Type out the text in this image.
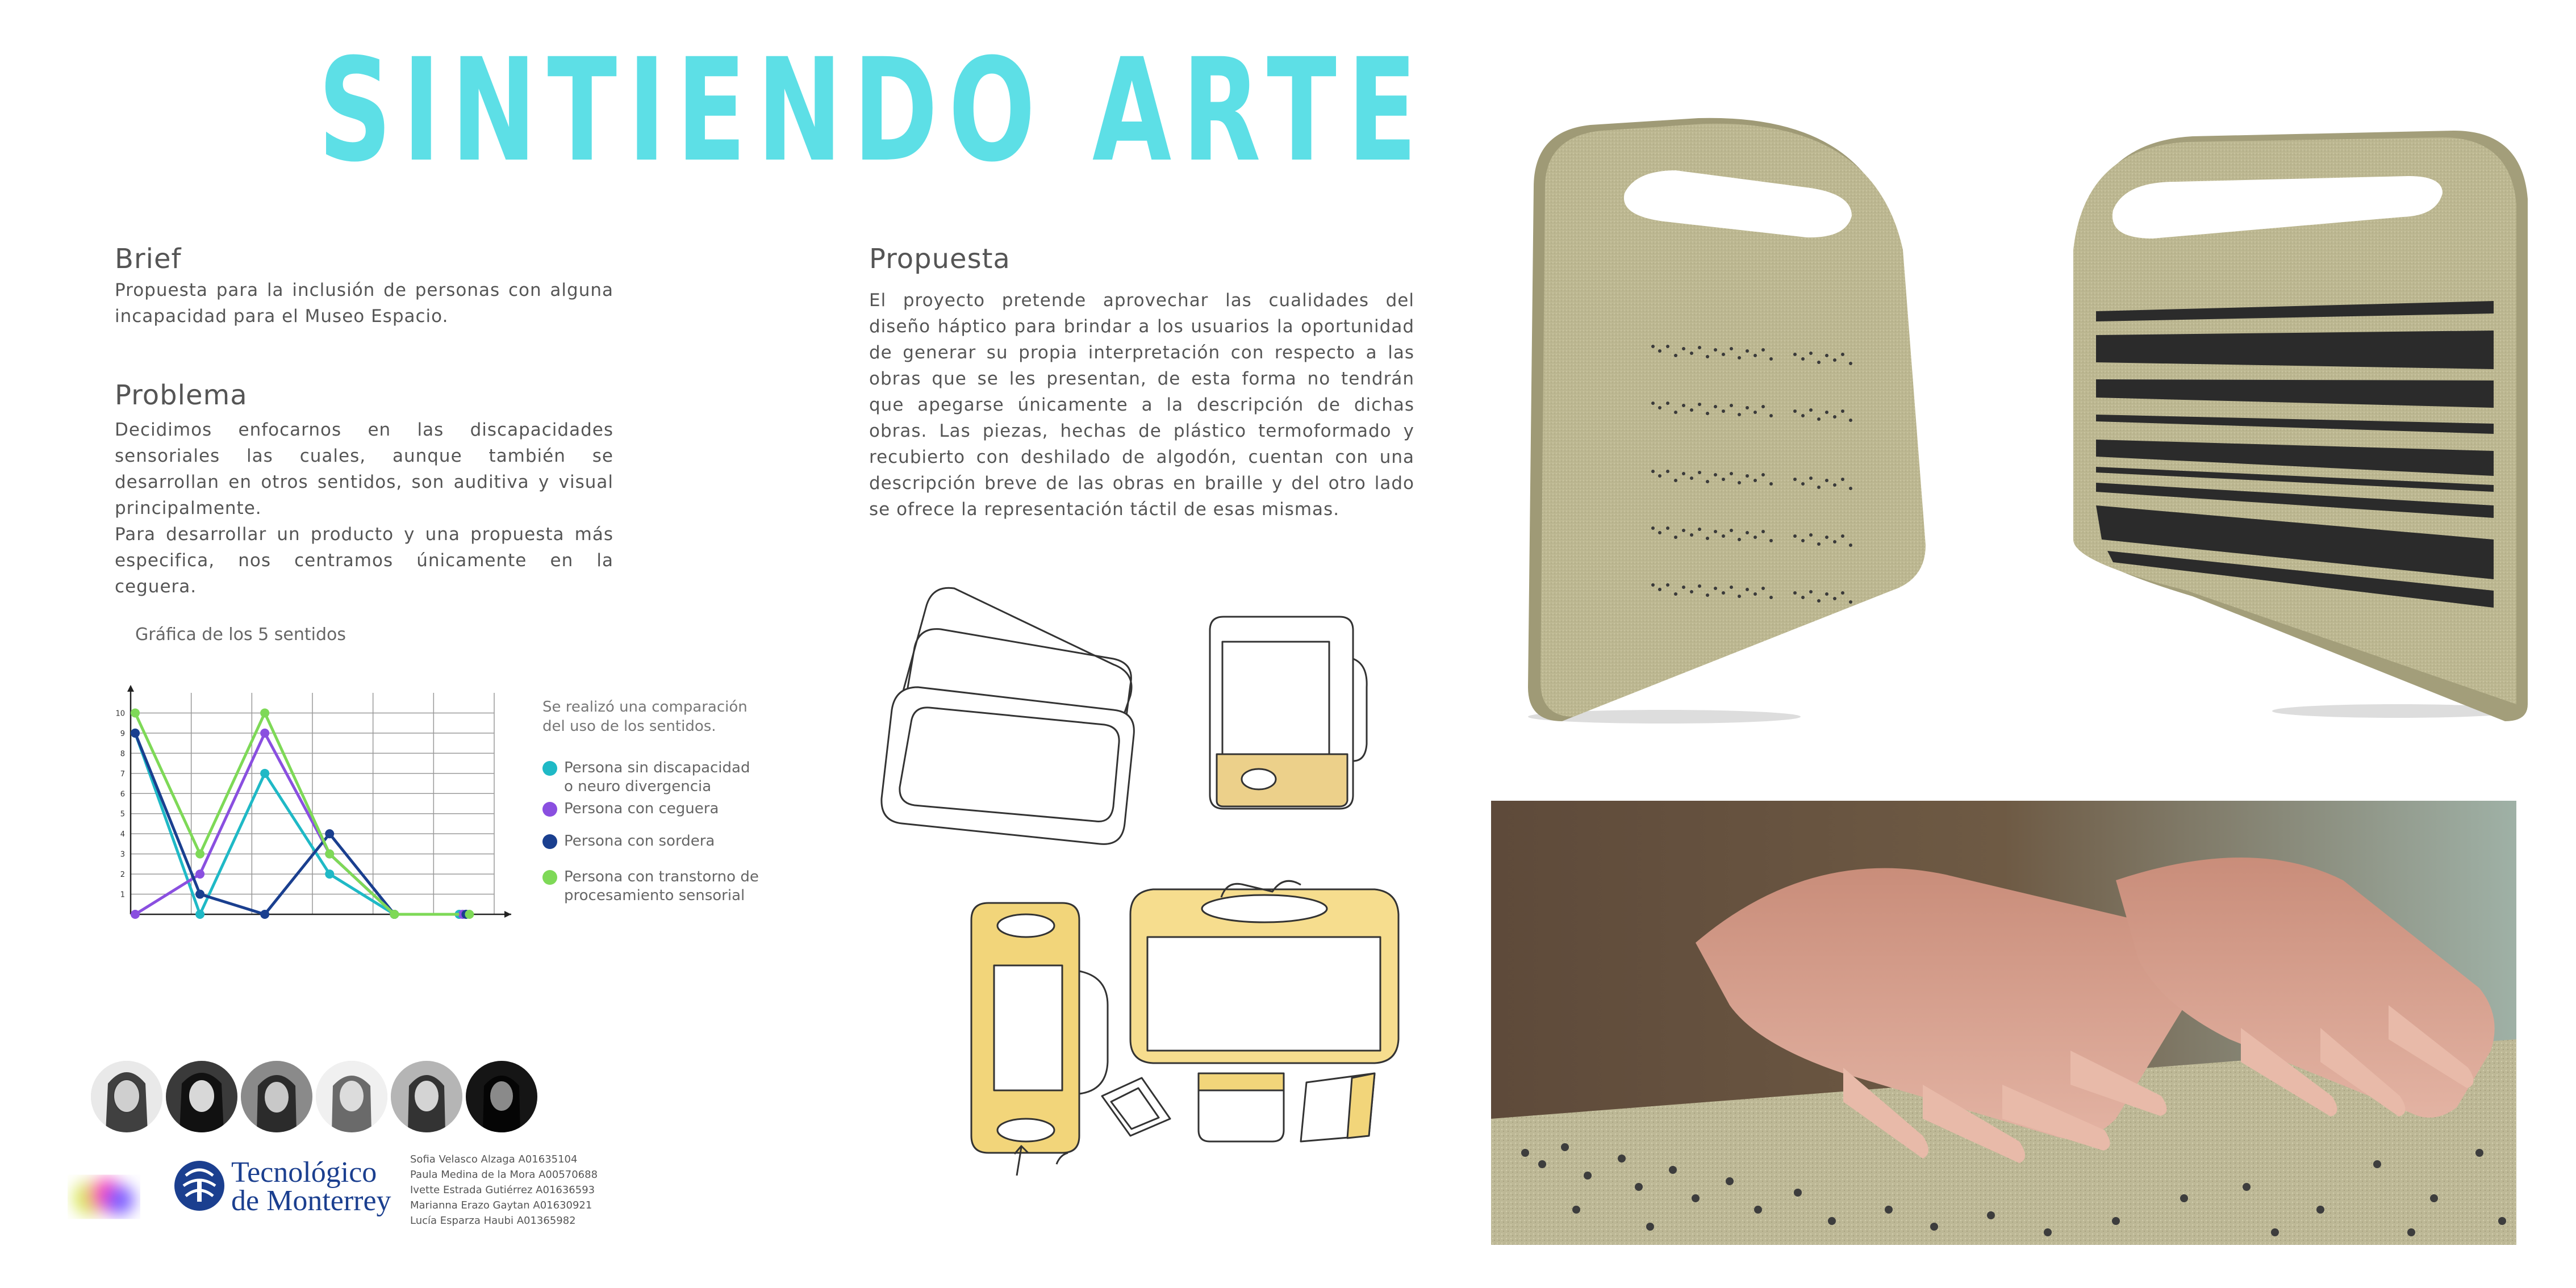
SINTIENDO ARTE
Brief
Propuesta para la inclusión de personas con alguna incapacidad para el Museo Espacio.
Problema

Decidimos enfocarnos en las discapacidades sensoriales las cuales, aunque también se desarrollan en otros sentidos, son auditiva y visual principalmente.

Para desarrollar un producto y una propuesta más especifica, nos centramos únicamente en la ceguera.

Propuesta
El proyecto pretende aprovechar las cualidades del diseño háptico para brindar a los usuarios la oportunidad de generar su propia interpretación con respecto a las obras que se les presentan, de esta forma no tendrán que apegarse únicamente a la descripción de dichas obras. Las piezas, hechas de plástico termoformado y recubierto con deshilado de algodón, cuentan con una descripción breve de las obras en braille y del otro lado se ofrece la representación táctil de esas mismas.
Gráfica de los 5 sentidos
1
2
3
4
5
6
7
8
9
10	Se realizó una comparación
del uso de los sentidos.
Persona sin discapacidad
o neuro divergencia
Persona con ceguera
Persona con sordera
Persona con transtorno de
procesamiento sensorial
Tecnológico
de Monterrey
Sofia Velasco Alzaga A01635104
Paula Medina de la Mora A00570688
Ivette Estrada Gutiérrez A01636593
Marianna Erazo Gaytan A01630921
Lucía Esparza Haubi A01365982
